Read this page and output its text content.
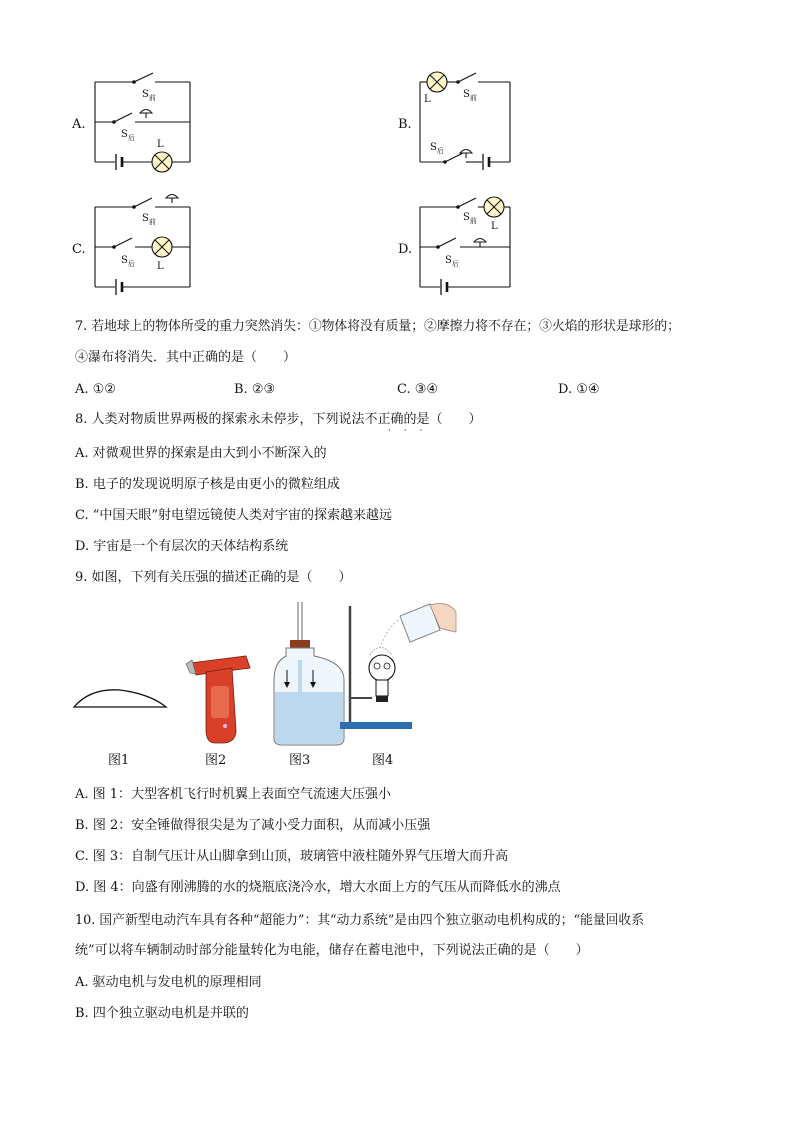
A.
$S_前$
$S_后$
L
B.
L	$S_前$
$S_后$
C.
$S_前$
$S_后$ L
D.
$S_前$ L
$S_后$
7. 若地球上的物体所受的重力突然消失：①物体将没有质量；②摩擦力将不存在；③火焰的形状是球形的；
④瀑布将消失．其中正确的是（　　）
A. ①②	B. ②③	C. ③④	D. ①④
8. 人类对物质世界两极的探索永未停步，下列说法不正确的是（　　）
· · ·
A. 对微观世界的探索是由大到小不断深入的
B. 电子的发现说明原子核是由更小的微粒组成
C. “中国天眼”射电望远镜使人类对宇宙的探索越来越远
D. 宇宙是一个有层次的天体结构系统
9. 如图，下列有关压强的描述正确的是（　　）
图1	图2	图3	图4
A. 图 1：大型客机飞行时机翼上表面空气流速大压强小
B. 图 2：安全锤做得很尖是为了减小受力面积，从而减小压强
C. 图 3：自制气压计从山脚拿到山顶，玻璃管中液柱随外界气压增大而升高
D. 图 4：向盛有刚沸腾的水的烧瓶底浇冷水，增大水面上方的气压从而降低水的沸点
10. 国产新型电动汽车具有各种“超能力”：其“动力系统”是由四个独立驱动电机构成的；“能量回收系
统”可以将车辆制动时部分能量转化为电能，储存在蓄电池中，下列说法正确的是（　　）
A. 驱动电机与发电机的原理相同
B. 四个独立驱动电机是并联的
